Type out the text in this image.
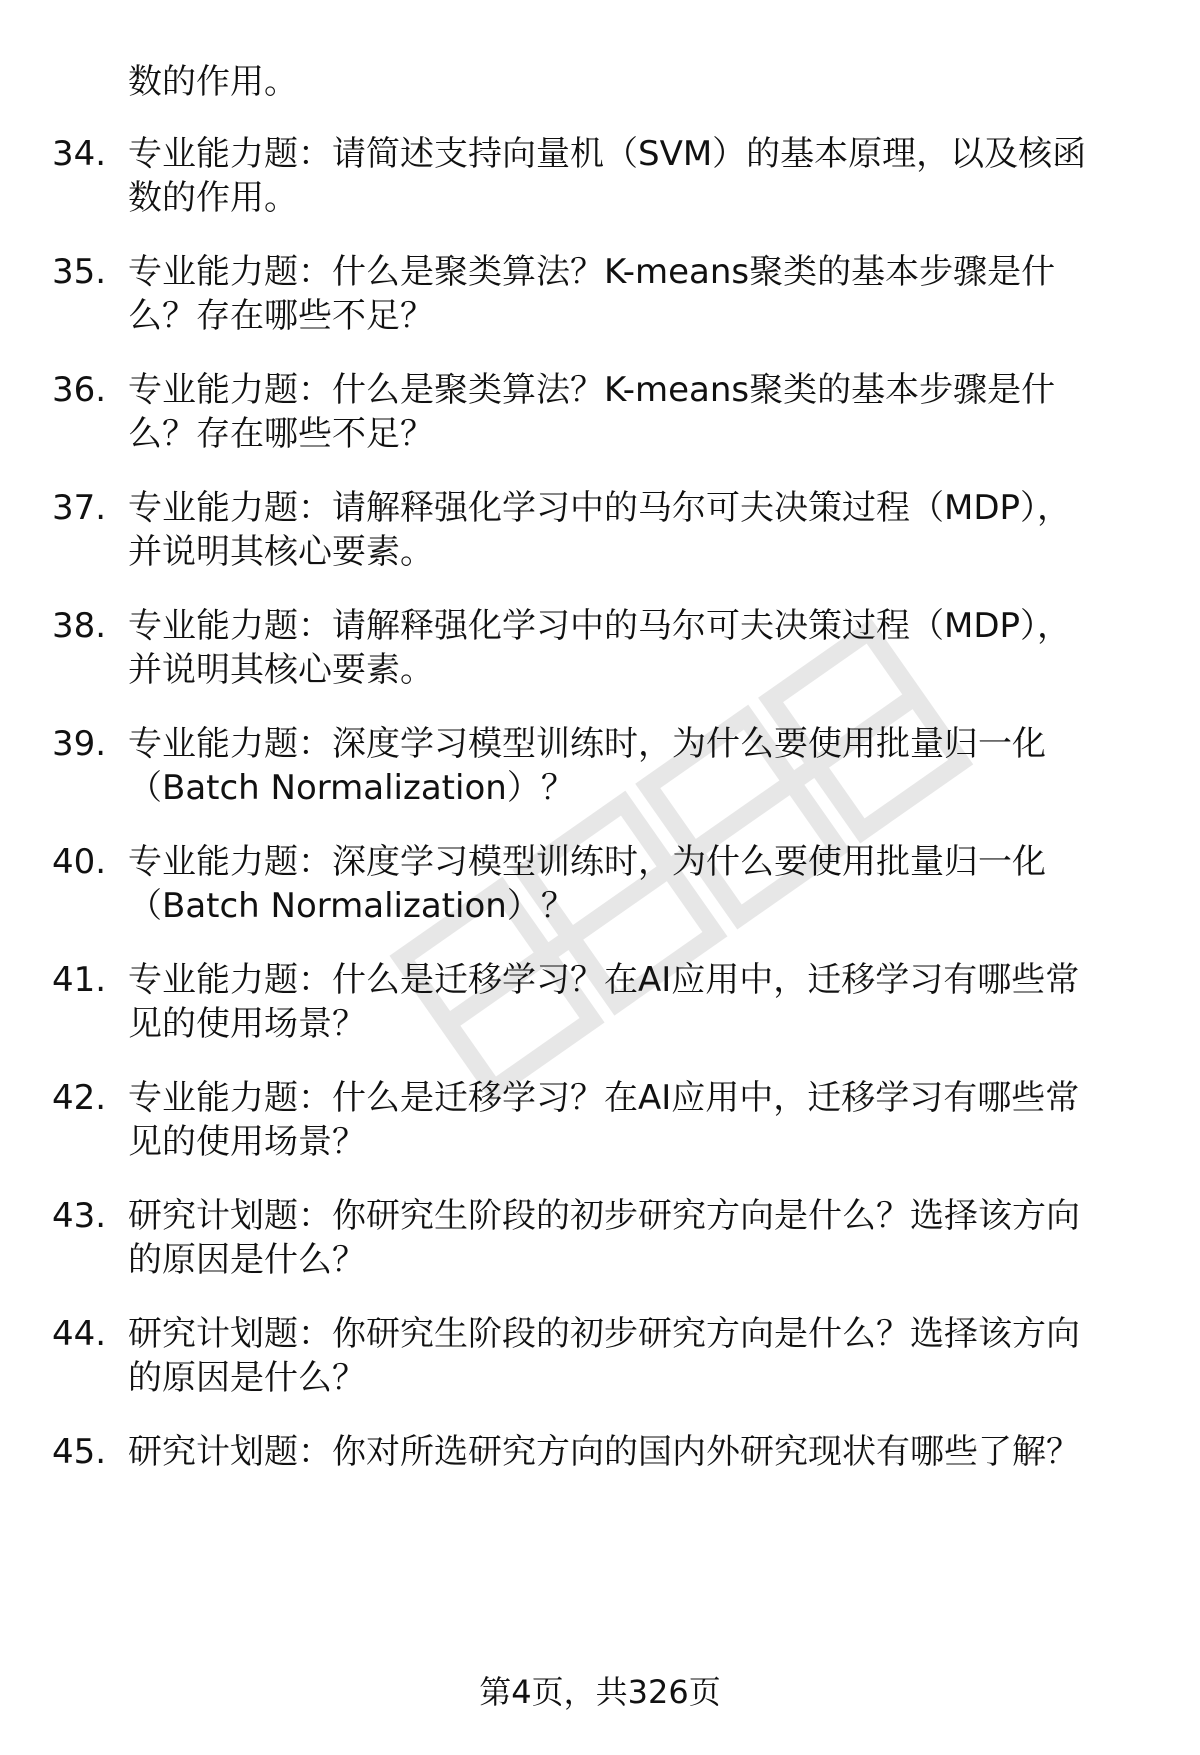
数的作用。
34. 专业能力题：请简述支持向量机（SVM）的基本原理，以及核函
数的作用。
35. 专业能力题：什么是聚类算法？K-means聚类的基本步骤是什
么？存在哪些不足？
36. 专业能力题：什么是聚类算法？K-means聚类的基本步骤是什
么？存在哪些不足？
37. 专业能力题：请解释强化学习中的马尔可夫决策过程（MDP），
并说明其核心要素。
38. 专业能力题：请解释强化学习中的马尔可夫决策过程（MDP），
并说明其核心要素。
39. 专业能力题：深度学习模型训练时，为什么要使用批量归一化
（Batch Normalization）？
40. 专业能力题：深度学习模型训练时，为什么要使用批量归一化
（Batch Normalization）？
41. 专业能力题：什么是迁移学习？在AI应用中，迁移学习有哪些常
见的使用场景？
42. 专业能力题：什么是迁移学习？在AI应用中，迁移学习有哪些常
见的使用场景？
43. 研究计划题：你研究生阶段的初步研究方向是什么？选择该方向
的原因是什么？
44. 研究计划题：你研究生阶段的初步研究方向是什么？选择该方向
的原因是什么？
45. 研究计划题：你对所选研究方向的国内外研究现状有哪些了解？
第4页，共326页
